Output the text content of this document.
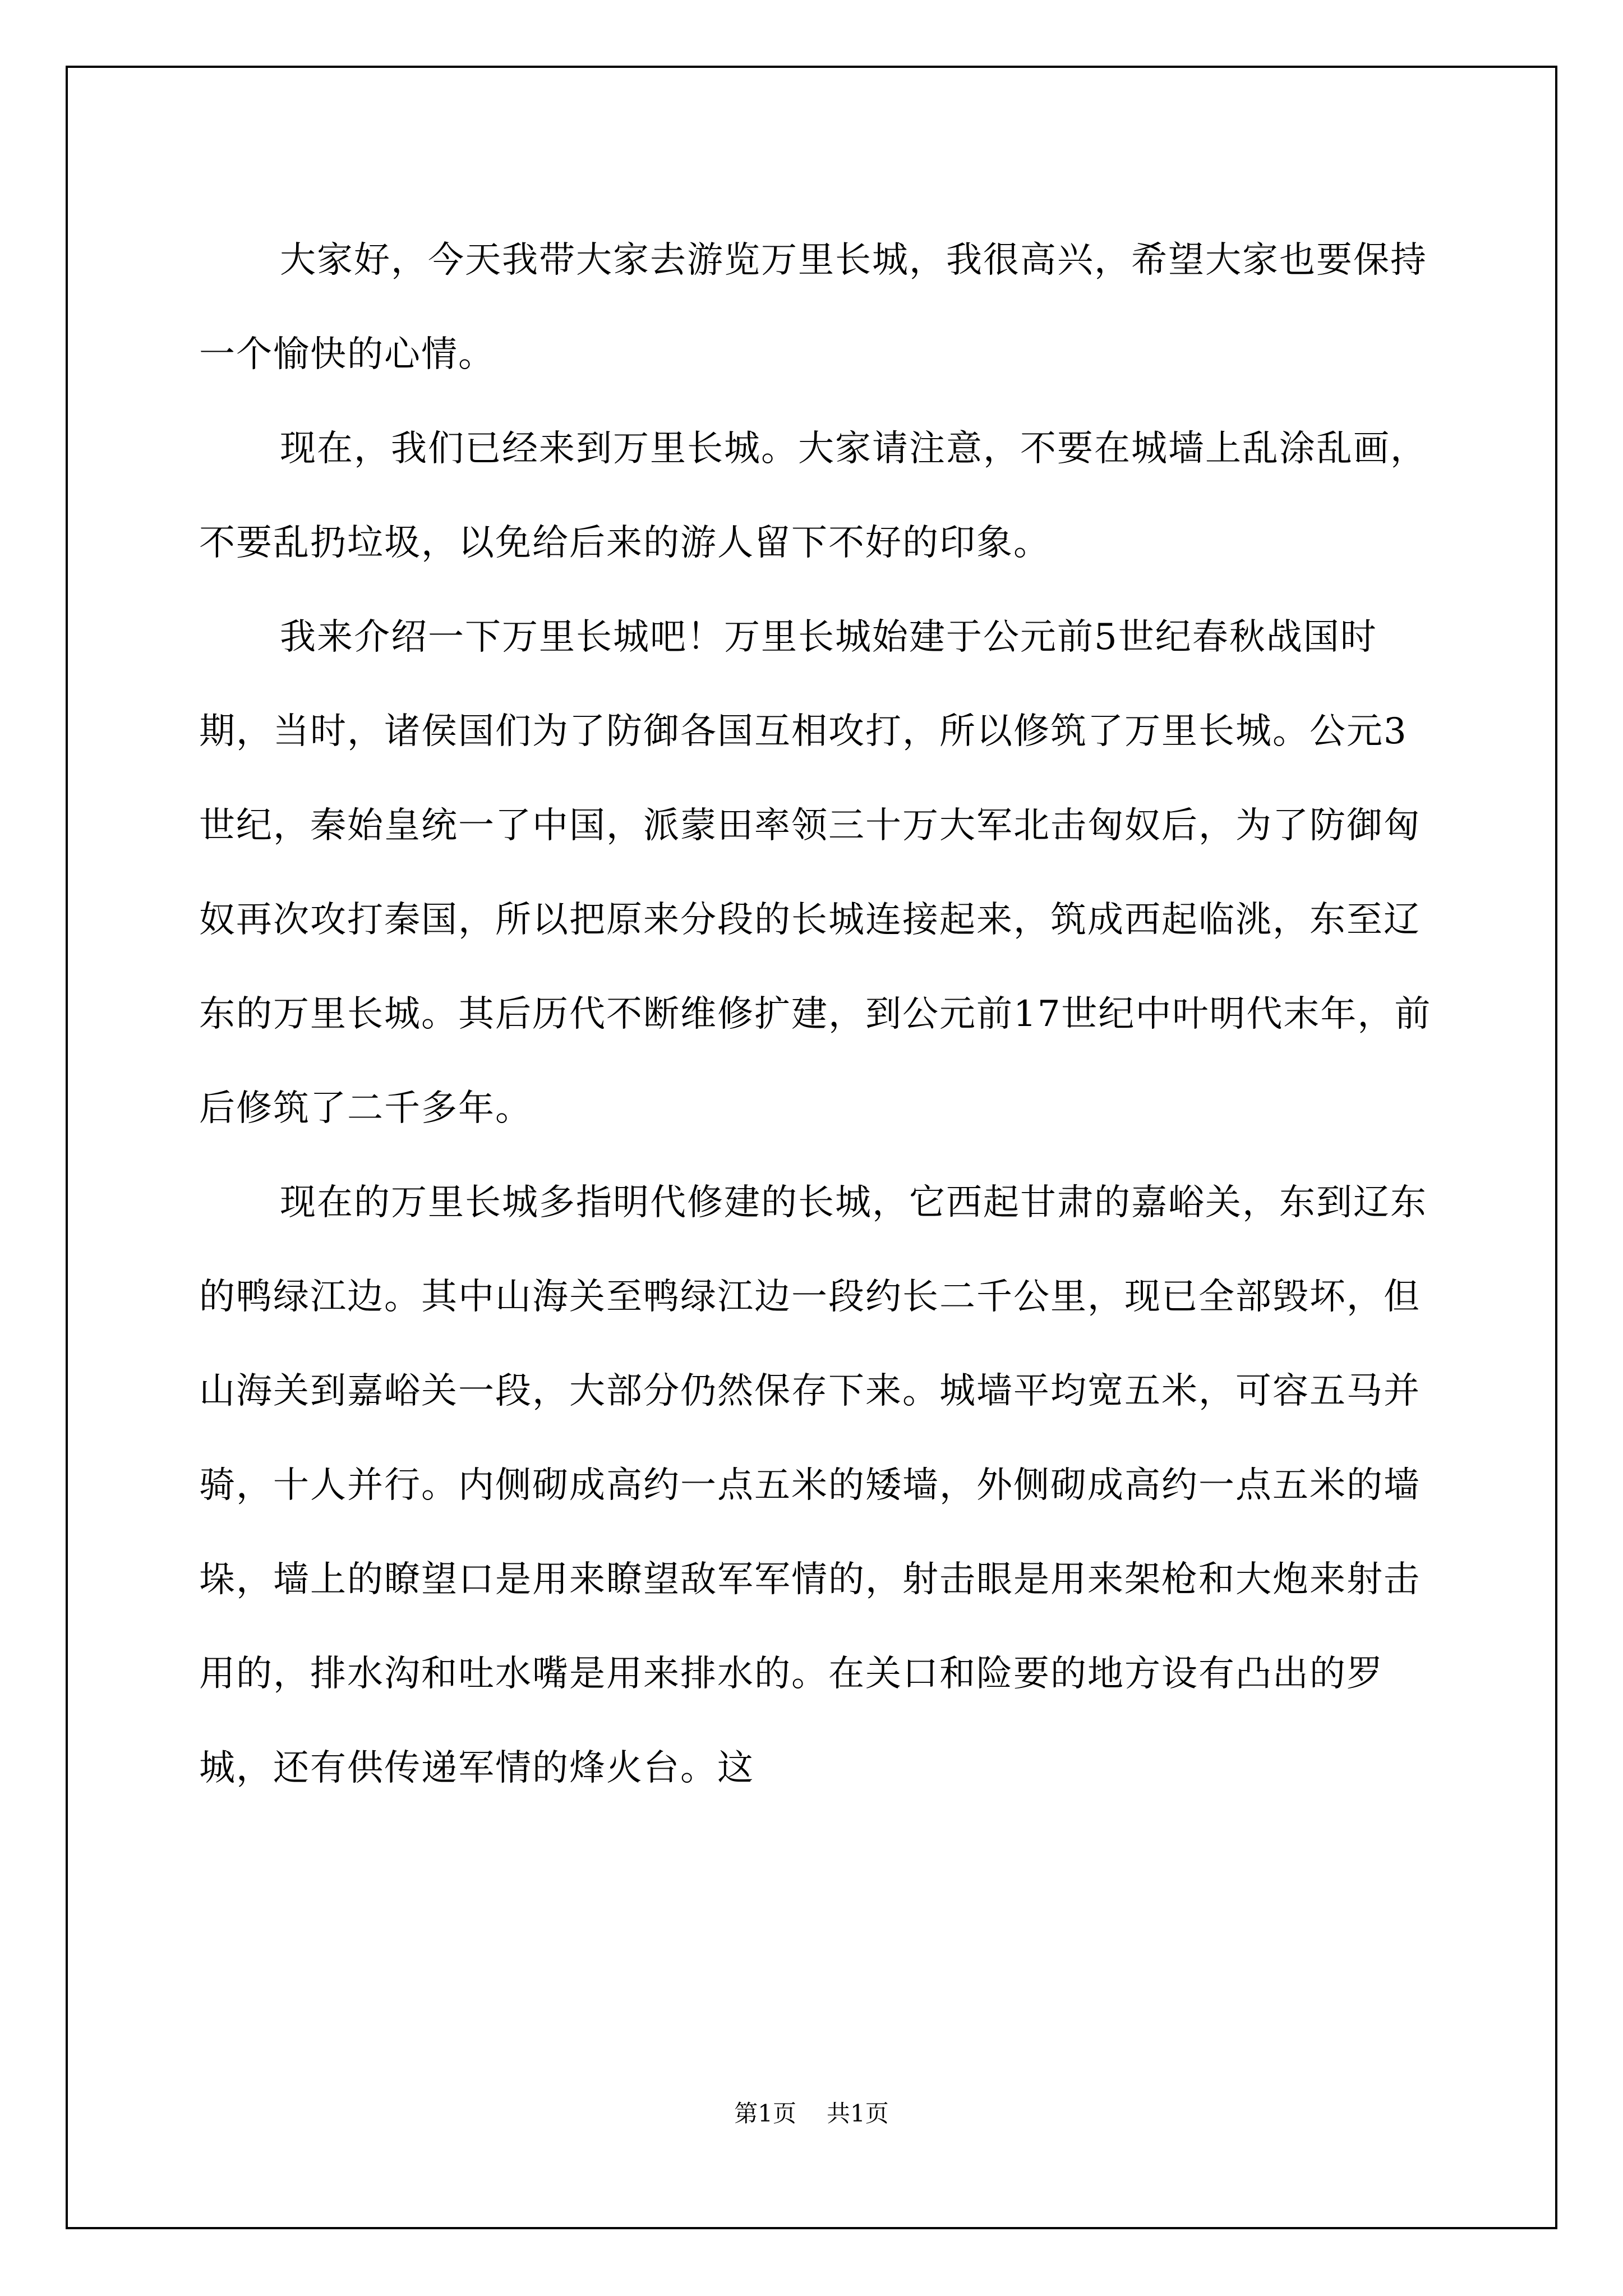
大家好，今天我带大家去游览万里长城，我很高兴，希望大家也要保持一个愉快的心情。

现在，我们已经来到万里长城。大家请注意，不要在城墙上乱涂乱画，不要乱扔垃圾，以免给后来的游人留下不好的印象。

我来介绍一下万里长城吧！万里长城始建于公元前5世纪春秋战国时期，当时，诸侯国们为了防御各国互相攻打，所以修筑了万里长城。公元3世纪，秦始皇统一了中国，派蒙田率领三十万大军北击匈奴后，为了防御匈奴再次攻打秦国，所以把原来分段的长城连接起来，筑成西起临洮，东至辽东的万里长城。其后历代不断维修扩建，到公元前17世纪中叶明代末年，前后修筑了二千多年。

现在的万里长城多指明代修建的长城，它西起甘肃的嘉峪关，东到辽东的鸭绿江边。其中山海关至鸭绿江边一段约长二千公里，现已全部毁坏，但山海关到嘉峪关一段，大部分仍然保存下来。城墙平均宽五米，可容五马并骑，十人并行。内侧砌成高约一点五米的矮墙，外侧砌成高约一点五米的墙垛，墙上的瞭望口是用来瞭望敌军军情的，射击眼是用来架枪和大炮来射击用的，排水沟和吐水嘴是用来排水的。在关口和险要的地方设有凸出的罗城，还有供传递军情的烽火台。这

第1页 共1页
